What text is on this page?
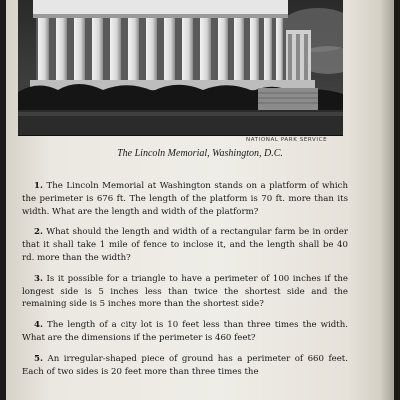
NATIONAL PARK SERVICE
The Lincoln Memorial, Washington, D.C.

1. The Lincoln Memorial at Washington stands on a platform of which the perimeter is 676 ft. The length of the platform is 70 ft. more than its width. What are the length and width of the platform?

2. What should the length and width of a rectangular farm be in order that it shall take 1 mile of fence to inclose it, and the length shall be 40 rd. more than the width?

3. Is it possible for a triangle to have a perimeter of 100 inches if the longest side is 5 inches less than twice the shortest side and the remaining side is 5 inches more than the shortest side?

4. The length of a city lot is 10 feet less than three times the width. What are the dimensions if the perimeter is 460 feet?

5. An irregular-shaped piece of ground has a perimeter of 660 feet. Each of two sides is 20 feet more than three times the
